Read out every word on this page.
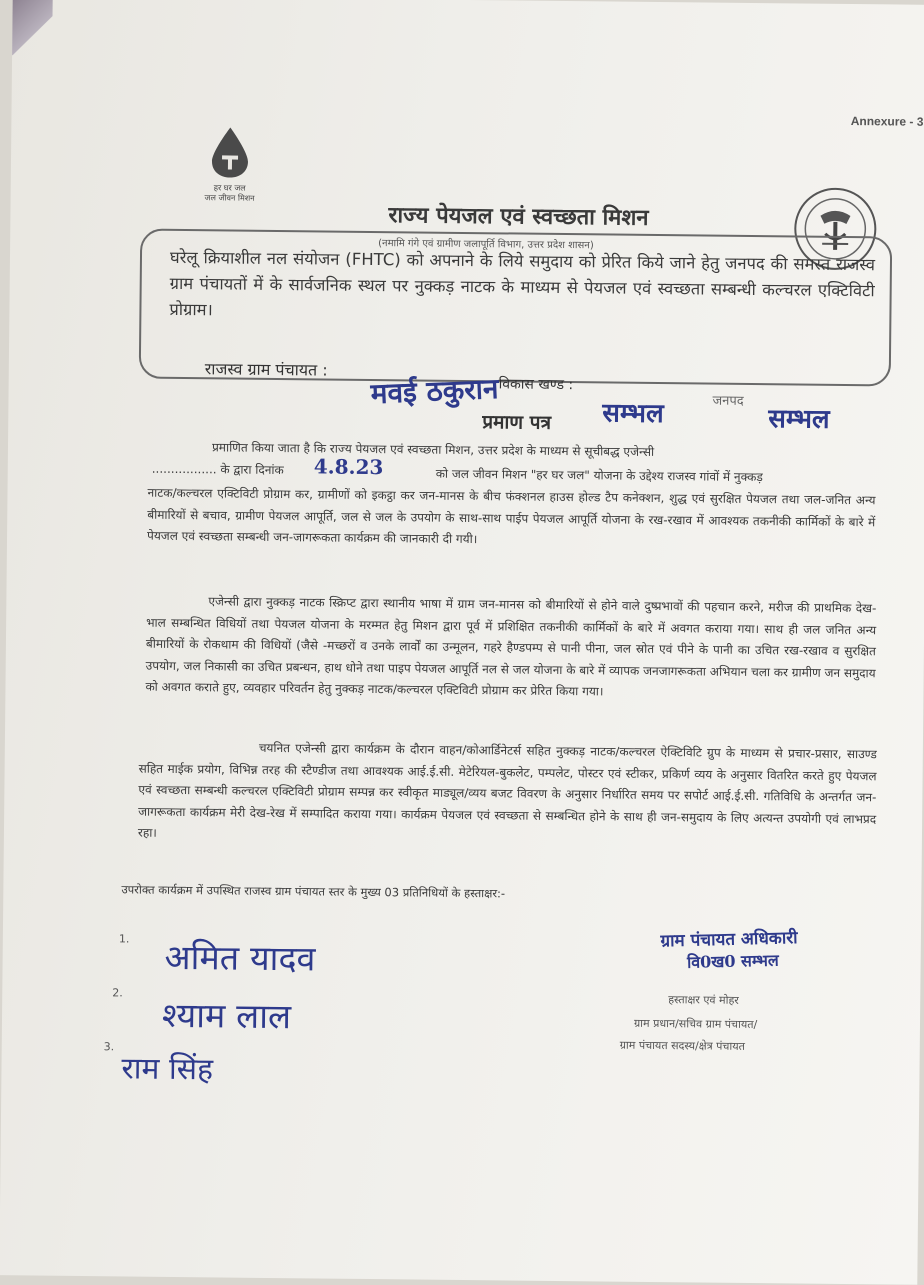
Annexure - 3
हर घर जल
जल जीवन मिशन
राज्य पेयजल एवं स्वच्छता मिशन
(नमामि गंगे एवं ग्रामीण जलापूर्ति विभाग, उत्तर प्रदेश शासन)
घरेलू क्रियाशील नल संयोजन (FHTC) को अपनाने के लिये समुदाय को प्रेरित किये जाने हेतु जनपद की समस्त राजस्व ग्राम पंचायतों में के सार्वजनिक स्थल पर नुक्कड़ नाटक के माध्यम से पेयजल एवं स्वच्छता सम्बन्धी कल्चरल एक्टिविटी प्रोग्राम।
राजस्व ग्राम पंचायत :
मवई ठकुरान विकास खण्ड :
सम्भल	जनपद
सम्भल
प्रमाण पत्र
प्रमाणित किया जाता है कि राज्य पेयजल एवं स्वच्छता मिशन, उत्तर प्रदेश के माध्यम से सूचीबद्ध एजेन्सी
................. के द्वारा दिनांक 4.8.23	को जल जीवन मिशन "हर घर जल" योजना के उद्देश्य राजस्व गांवों में नुक्कड़
नाटक/कल्चरल एक्टिविटी प्रोग्राम कर, ग्रामीणों को इकट्ठा कर जन-मानस के बीच फंक्शनल हाउस होल्ड टैप कनेक्शन, शुद्ध एवं सुरक्षित पेयजल तथा जल-जनित अन्य बीमारियों से बचाव, ग्रामीण पेयजल आपूर्ति, जल से जल के उपयोग के साथ-साथ पाईप पेयजल आपूर्ति योजना के रख-रखाव में आवश्यक तकनीकी कार्मिकों के बारे में पेयजल एवं स्वच्छता सम्बन्धी जन-जागरूकता कार्यक्रम की जानकारी दी गयी।
एजेन्सी द्वारा नुक्कड़ नाटक स्क्रिप्ट द्वारा स्थानीय भाषा में ग्राम जन-मानस को बीमारियों से होने वाले दुष्प्रभावों की पहचान करने, मरीज की प्राथमिक देख-भाल सम्बन्धित विधियों तथा पेयजल योजना के मरम्मत हेतु मिशन द्वारा पूर्व में प्रशिक्षित तकनीकी कार्मिकों के बारे में अवगत कराया गया। साथ ही जल जनित अन्य बीमारियों के रोकथाम की विधियों (जैसे -मच्छरों व उनके लार्वों का उन्मूलन, गहरे हैण्डपम्प से पानी पीना, जल स्रोत एवं पीने के पानी का उचित रख-रखाव व सुरक्षित उपयोग, जल निकासी का उचित प्रबन्धन, हाथ धोने तथा पाइप पेयजल आपूर्ति नल से जल योजना के बारे में व्यापक जनजागरूकता अभियान चला कर ग्रामीण जन समुदाय को अवगत कराते हुए, व्यवहार परिवर्तन हेतु नुक्कड़ नाटक/कल्चरल एक्टिविटी प्रोग्राम कर प्रेरित किया गया।
चयनित एजेन्सी द्वारा कार्यक्रम के दौरान वाहन/कोआर्डिनेटर्स सहित नुक्कड़ नाटक/कल्चरल ऐक्टिविटि ग्रुप के माध्यम से प्रचार-प्रसार, साउण्ड सहित माईक प्रयोग, विभिन्न तरह की स्टैण्डीज तथा आवश्यक आई.ई.सी. मेटेरियल-बुकलेट, पम्पलेट, पोस्टर एवं स्टीकर, प्रकिर्ण व्यय के अनुसार वितरित करते हुए पेयजल एवं स्वच्छता सम्बन्धी कल्चरल एक्टिविटी प्रोग्राम सम्पन्न कर स्वीकृत माड्यूल/व्यय बजट विवरण के अनुसार निर्धारित समय पर सपोर्ट आई.ई.सी. गतिविधि के अन्तर्गत जन-जागरूकता कार्यक्रम मेरी देख-रेख में सम्पादित कराया गया। कार्यक्रम पेयजल एवं स्वच्छता से सम्बन्धित होने के साथ ही जन-समुदाय के लिए अत्यन्त उपयोगी एवं लाभप्रद रहा।
उपरोक्त कार्यक्रम में उपस्थित राजस्व ग्राम पंचायत स्तर के मुख्य 03 प्रतिनिधियों के हस्ताक्षर:-
1. अमित यादव
2.
श्याम लाल
3.
राम सिंह
ग्राम पंचायत अधिकारी
वि0ख0 सम्भल
हस्ताक्षर एवं मोहर
ग्राम प्रधान/सचिव ग्राम पंचायत/
ग्राम पंचायत सदस्य/क्षेत्र पंचायत
